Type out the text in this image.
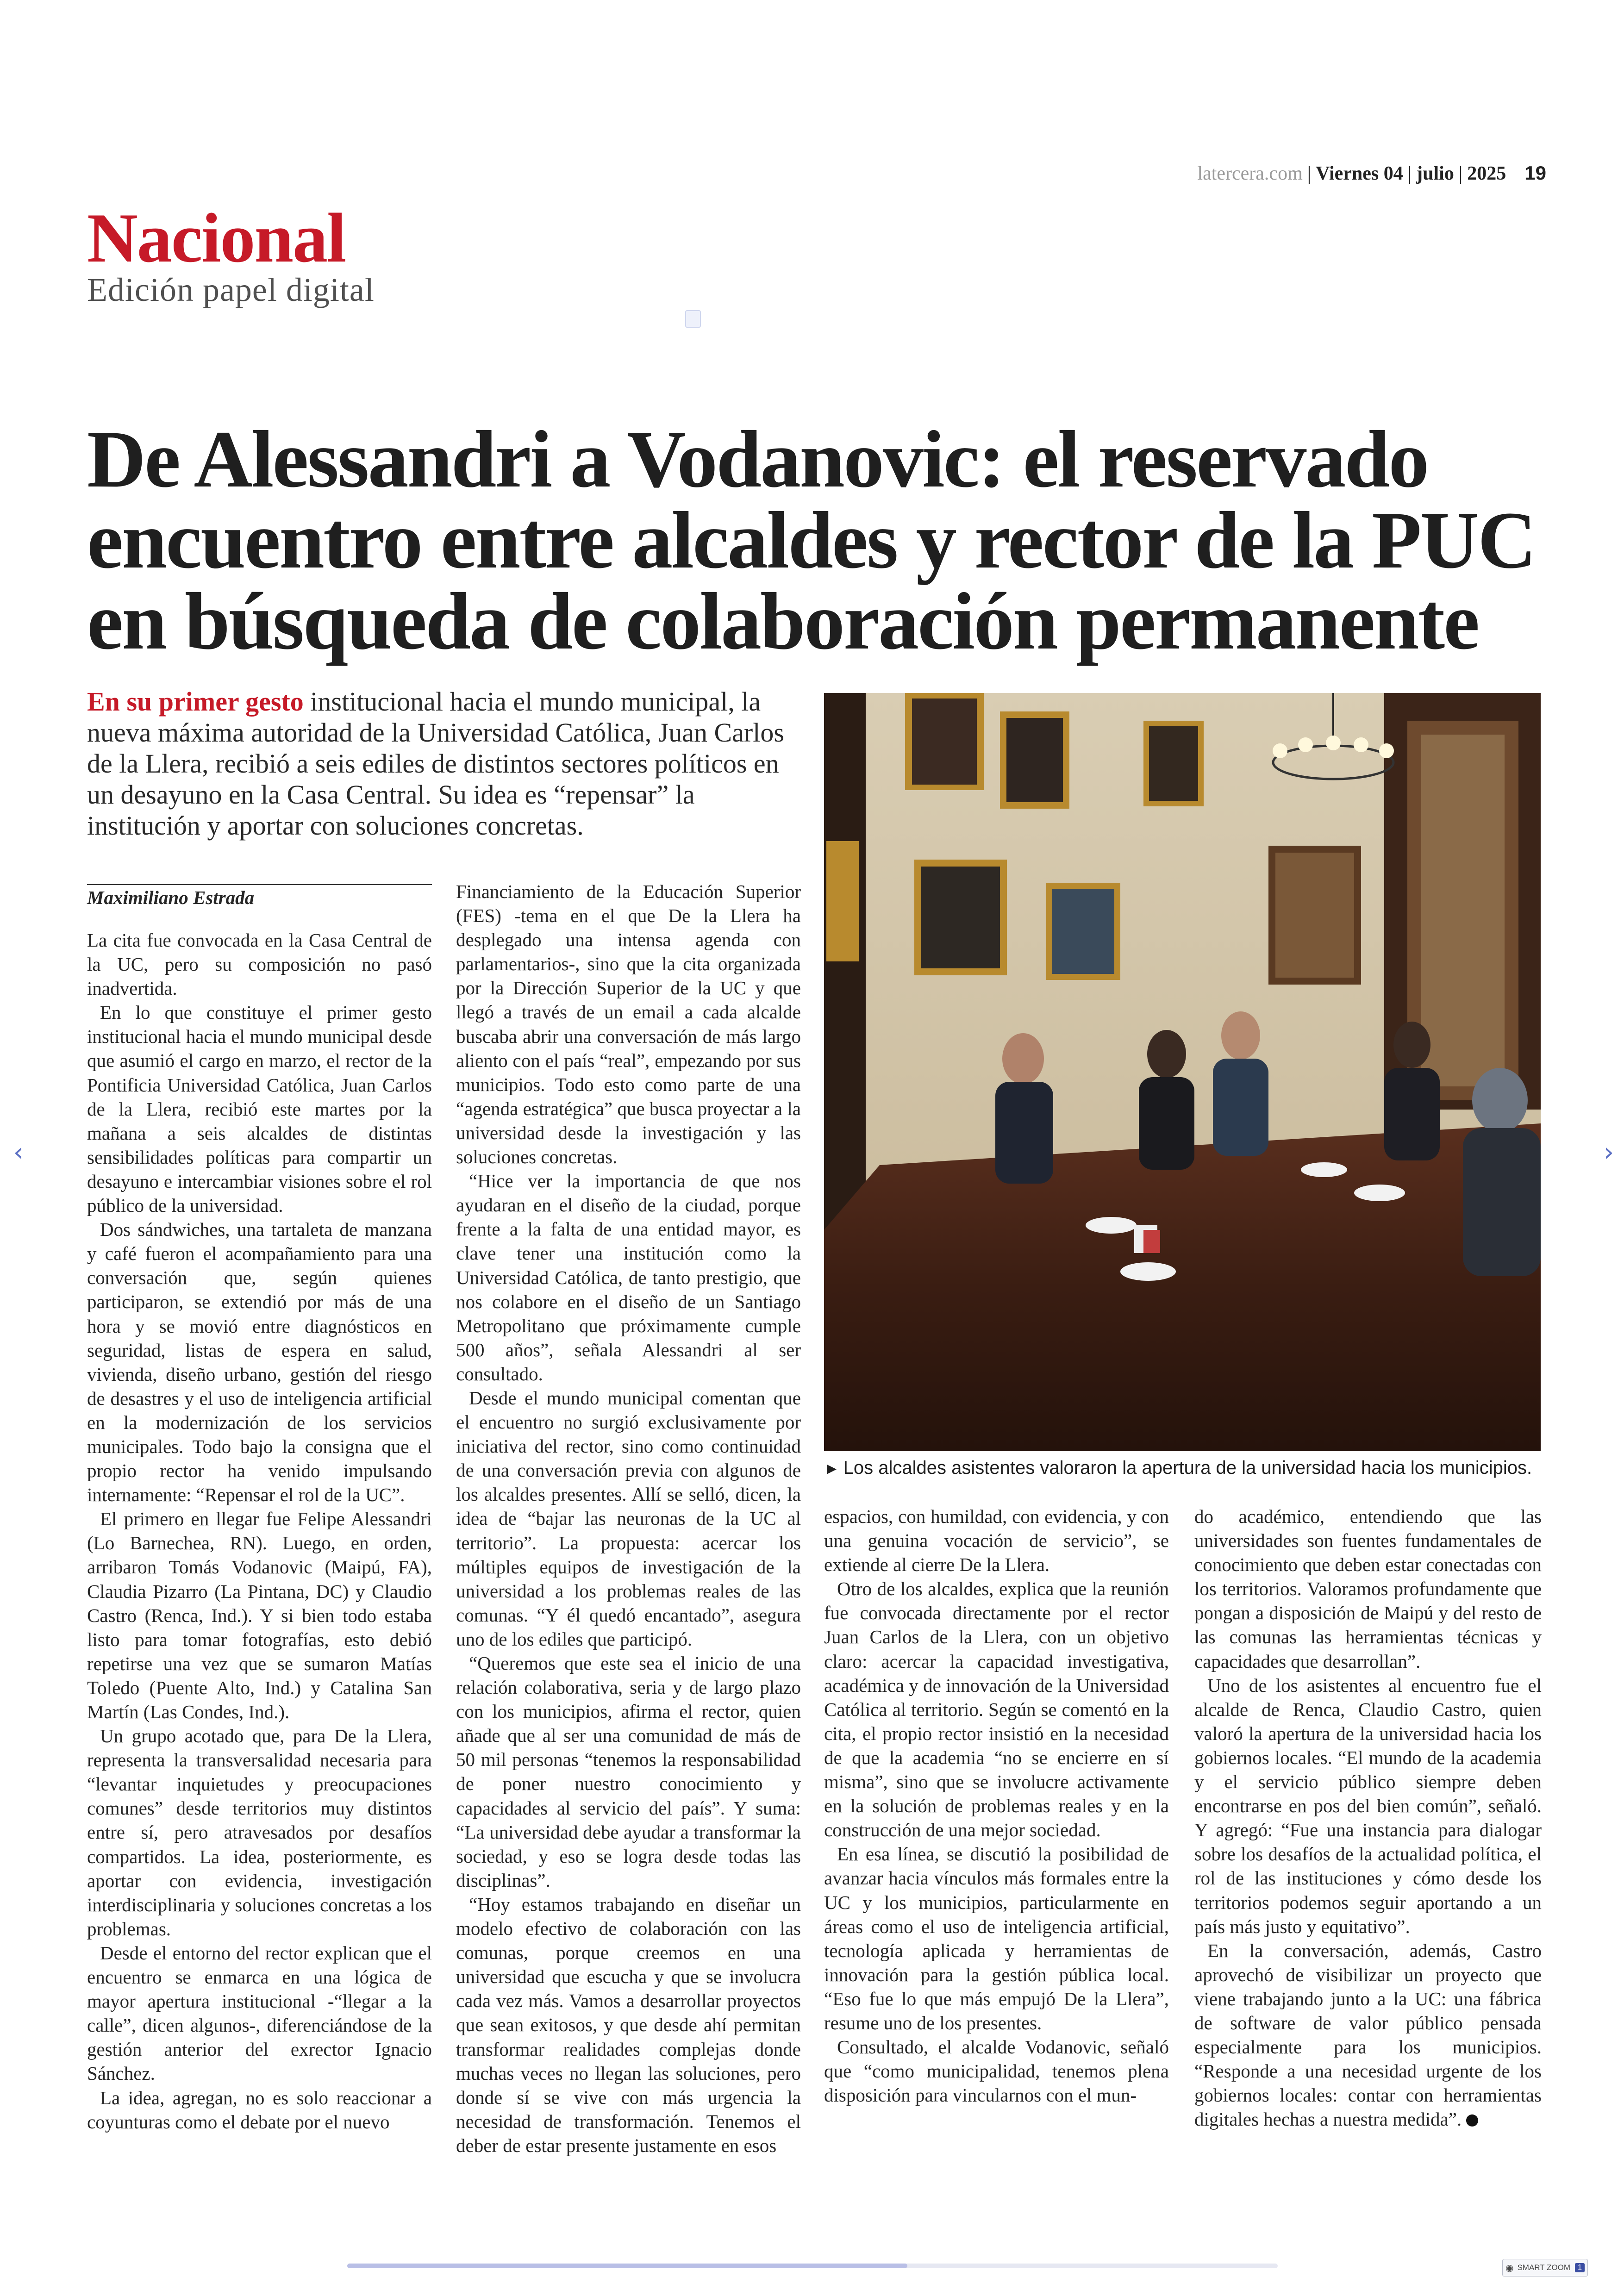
latercera.com | Viernes 04 | julio | 2025 19
Nacional
Edición papel digital
De Alessandri a Vodanovic: el reservado encuentro entre alcaldes y rector de la PUC en búsqueda de colaboración permanente
En su primer gesto institucional hacia el mundo municipal, la nueva máxima autoridad de la Universidad Católica, Juan Carlos de la Llera, recibió a seis ediles de distintos sectores políticos en un desayuno en la Casa Central. Su idea es “repensar” la institución y aportar con soluciones concretas.
► Los alcaldes asistentes valoraron la apertura de la universidad hacia los municipios.
Maximiliano Estrada

La cita fue convocada en la Casa Central de la UC, pero su composición no pasó inadvertida.

En lo que constituye el primer gesto institucional hacia el mundo municipal desde que asumió el cargo en marzo, el rector de la Pontificia Universidad Católica, Juan Carlos de la Llera, recibió este martes por la mañana a seis alcaldes de distintas sensibilidades políticas para compartir un desayuno e intercambiar visiones sobre el rol público de la universidad.

Dos sándwiches, una tartaleta de manzana y café fueron el acompañamiento para una conversación que, según quienes participaron, se extendió por más de una hora y se movió entre diagnósticos en seguridad, listas de espera en salud, vivienda, diseño urbano, gestión del riesgo de desastres y el uso de inteligencia artificial en la modernización de los servicios municipales. Todo bajo la consigna que el propio rector ha venido impulsando internamente: “Repensar el rol de la UC”.

El primero en llegar fue Felipe Alessandri (Lo Barnechea, RN). Luego, en orden, arribaron Tomás Vodanovic (Maipú, FA), Claudia Pizarro (La Pintana, DC) y Claudio Castro (Renca, Ind.). Y si bien todo estaba listo para tomar fotografías, esto debió repetirse una vez que se sumaron Matías Toledo (Puente Alto, Ind.) y Catalina San Martín (Las Condes, Ind.).

Un grupo acotado que, para De la Llera, representa la transversalidad necesaria para “levantar inquietudes y preocupaciones comunes” desde territorios muy distintos entre sí, pero atravesados por desafíos compartidos. La idea, posteriormente, es aportar con evidencia, investigación interdisciplinaria y soluciones concretas a los problemas.

Desde el entorno del rector explican que el encuentro se enmarca en una lógica de mayor apertura institucional -“llegar a la calle”, dicen algunos-, diferenciándose de la gestión anterior del exrector Ignacio Sánchez.

La idea, agregan, no es solo reaccionar a coyunturas como el debate por el nuevo

Financiamiento de la Educación Superior (FES) -tema en el que De la Llera ha desplegado una intensa agenda con parlamentarios-, sino que la cita organizada por la Dirección Superior de la UC y que llegó a través de un email a cada alcalde buscaba abrir una conversación de más largo aliento con el país “real”, empezando por sus municipios. Todo esto como parte de una “agenda estratégica” que busca proyectar a la universidad desde la investigación y las soluciones concretas.

“Hice ver la importancia de que nos ayudaran en el diseño de la ciudad, porque frente a la falta de una entidad mayor, es clave tener una institución como la Universidad Católica, de tanto prestigio, que nos colabore en el diseño de un Santiago Metropolitano que próximamente cumple 500 años”, señala Alessandri al ser consultado.

Desde el mundo municipal comentan que el encuentro no surgió exclusivamente por iniciativa del rector, sino como continuidad de una conversación previa con algunos de los alcaldes presentes. Allí se selló, dicen, la idea de “bajar las neuronas de la UC al territorio”. La propuesta: acercar los múltiples equipos de investigación de la universidad a los problemas reales de las comunas. “Y él quedó encantado”, asegura uno de los ediles que participó.

“Queremos que este sea el inicio de una relación colaborativa, seria y de largo plazo con los municipios, afirma el rector, quien añade que al ser una comunidad de más de 50 mil personas “tenemos la responsabilidad de poner nuestro conocimiento y capacidades al servicio del país”. Y suma: “La universidad debe ayudar a transformar la sociedad, y eso se logra desde todas las disciplinas”.

“Hoy estamos trabajando en diseñar un modelo efectivo de colaboración con las comunas, porque creemos en una universidad que escucha y que se involucra cada vez más. Vamos a desarrollar proyectos que sean exitosos, y que desde ahí permitan transformar realidades complejas donde muchas veces no llegan las soluciones, pero donde sí se vive con más urgencia la necesidad de transformación. Tenemos el deber de estar presente justamente en esos

espacios, con humildad, con evidencia, y con una genuina vocación de servicio”, se extiende al cierre De la Llera.

Otro de los alcaldes, explica que la reunión fue convocada directamente por el rector Juan Carlos de la Llera, con un objetivo claro: acercar la capacidad investigativa, académica y de innovación de la Universidad Católica al territorio. Según se comentó en la cita, el propio rector insistió en la necesidad de que la academia “no se encierre en sí misma”, sino que se involucre activamente en la solución de problemas reales y en la construcción de una mejor sociedad.

En esa línea, se discutió la posibilidad de avanzar hacia vínculos más formales entre la UC y los municipios, particularmente en áreas como el uso de inteligencia artificial, tecnología aplicada y herramientas de innovación para la gestión pública local. “Eso fue lo que más empujó De la Llera”, resume uno de los presentes.

Consultado, el alcalde Vodanovic, señaló que “como municipalidad, tenemos plena disposición para vincularnos con el mun-

do académico, entendiendo que las universidades son fuentes fundamentales de conocimiento que deben estar conectadas con los territorios. Valoramos profundamente que pongan a disposición de Maipú y del resto de las comunas las herramientas técnicas y capacidades que desarrollan”.

Uno de los asistentes al encuentro fue el alcalde de Renca, Claudio Castro, quien valoró la apertura de la universidad hacia los gobiernos locales. “El mundo de la academia y el servicio público siempre deben encontrarse en pos del bien común”, señaló. Y agregó: “Fue una instancia para dialogar sobre los desafíos de la actualidad política, el rol de las instituciones y cómo desde los territorios podemos seguir aportando a un país más justo y equitativo”.

En la conversación, además, Castro aprovechó de visibilizar un proyecto que viene trabajando junto a la UC: una fábrica de software de valor público pensada especialmente para los municipios. “Responde a una necesidad urgente de los gobiernos locales: contar con herramientas digitales hechas a nuestra medida”.

‹	›
◉ SMART ZOOM	1
